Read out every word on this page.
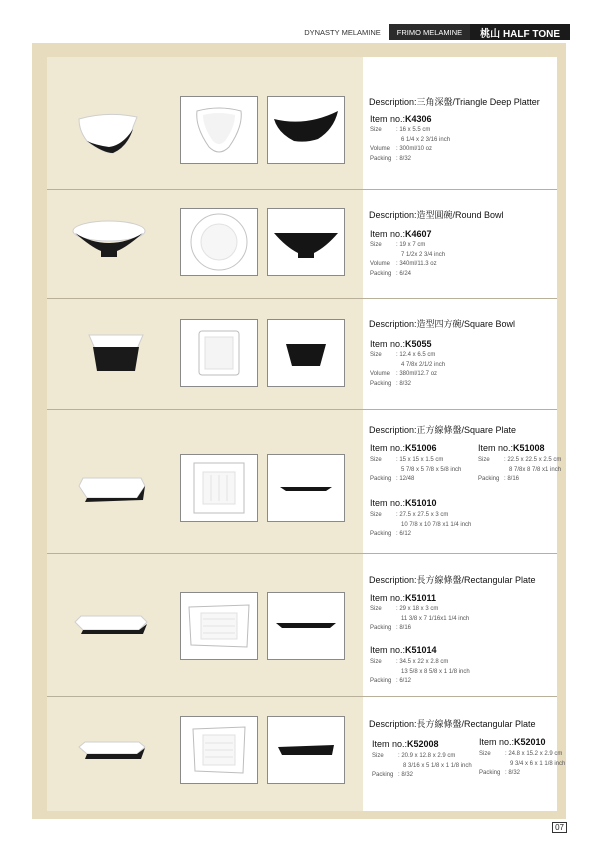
DYNASTY MELAMINE	FRIMO MELAMINE	桃山 HALF TONE
Description:三角深盤/Triangle Deep Platter
Item no.:K4306
Size : 16 x 5.5 cm
6 1/4 x 2 3/16 inch
Volume : 300ml/10 oz
Packing : 8/32
Description:造型圓碗/Round Bowl
Item no.:K4607
Size : 19 x 7 cm
7 1/2x 2 3/4 inch
Volume : 340ml/11.3 oz
Packing : 6/24
Description:造型四方碗/Square Bowl
Item no.:K5055
Size : 12.4 x 6.5 cm
4 7/8x 2/1/2 inch
Volume : 380ml/12.7 oz
Packing : 8/32
Description:正方線條盤/Square Plate
Item no.:K51006
Size : 15 x 15 x 1.5 cm
5 7/8 x 5 7/8 x 5/8 inch
Packing : 12/48
Item no.:K51008
Size : 22.5 x 22.5 x 2.5 cm
8 7/8x 8 7/8 x1 inch
Packing : 8/16
Item no.:K51010
Size : 27.5 x 27.5 x 3 cm
10 7/8 x 10 7/8 x1 1/4 inch
Packing : 6/12
Description:長方線條盤/Rectangular Plate
Item no.:K51011
Size : 29 x 18 x 3 cm
11 3/8 x 7 1/16x1 1/4 inch
Packing : 8/16
Item no.:K51014
Size : 34.5 x 22 x 2.8 cm
13 5/8 x 8 5/8 x 1 1/8 inch
Packing : 6/12
Description:長方線條盤/Rectangular Plate
Item no.:K52008
Size : 20.9 x 12.8 x 2.9 cm
8 3/16 x 5 1/8 x 1 1/8 inch
Packing : 8/32
Item no.:K52010
Size : 24.8 x 15.2 x 2.9 cm
9 3/4 x 6 x 1 1/8 inch
Packing : 8/32
07
